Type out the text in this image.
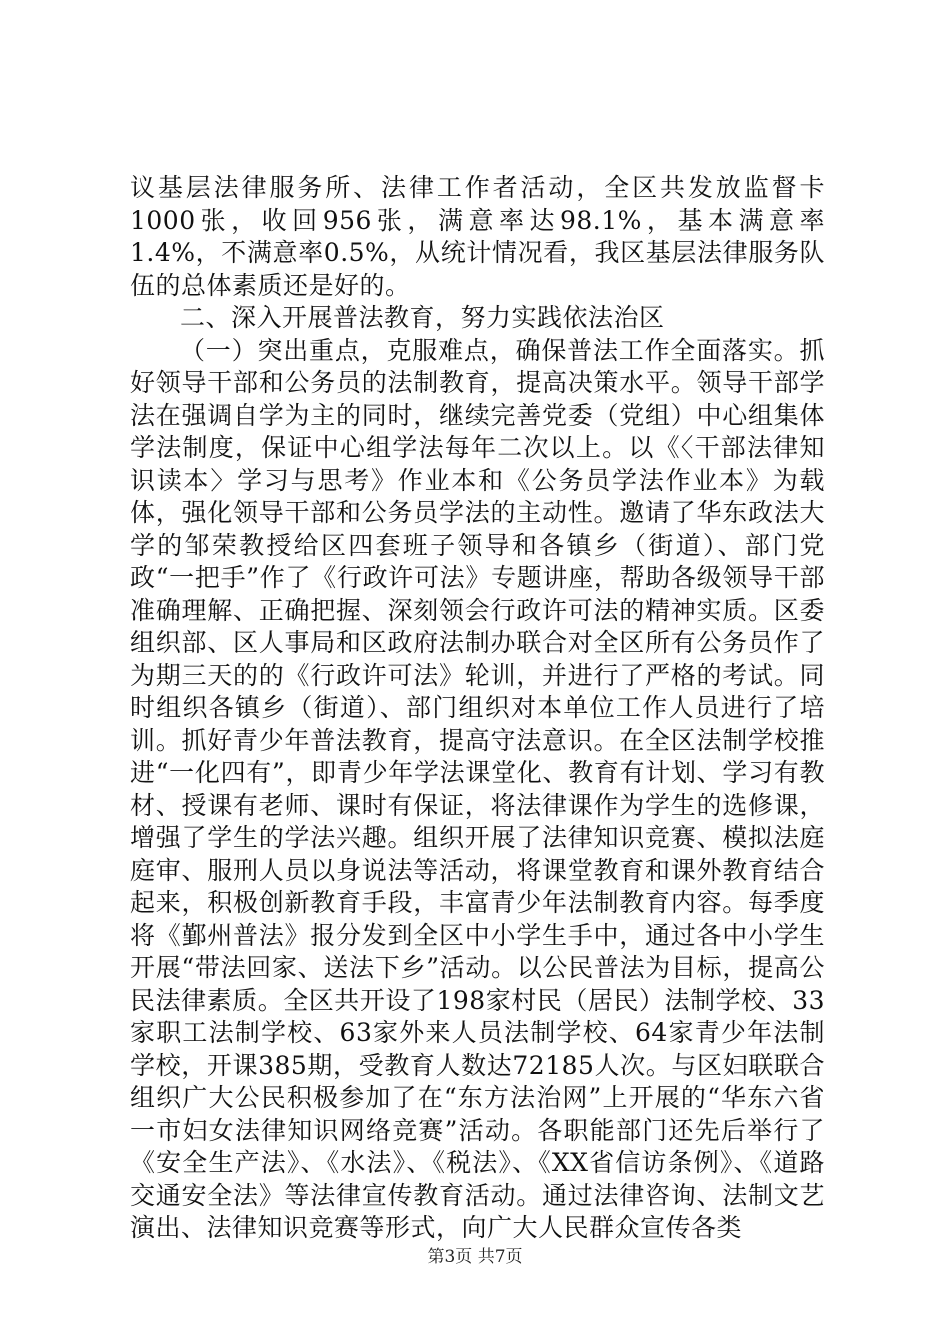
议基层法律服务所、法律工作者活动，全区共发放监督卡1000张，收回956张，满意率达98.1%，基本满意率1.4%，不满意率0.5%，从统计情况看，我区基层法律服务队伍的总体素质还是好的。

二、深入开展普法教育，努力实践依法治区

（一）突出重点，克服难点，确保普法工作全面落实。抓好领导干部和公务员的法制教育，提高决策水平。领导干部学法在强调自学为主的同时，继续完善党委（党组）中心组集体学法制度，保证中心组学法每年二次以上。以《〈干部法律知识读本〉学习与思考》作业本和《公务员学法作业本》为载体，强化领导干部和公务员学法的主动性。邀请了华东政法大学的邹荣教授给区四套班子领导和各镇乡（街道）、部门党政“一把手”作了《行政许可法》专题讲座，帮助各级领导干部准确理解、正确把握、深刻领会行政许可法的精神实质。区委组织部、区人事局和区政府法制办联合对全区所有公务员作了为期三天的的《行政许可法》轮训，并进行了严格的考试。同时组织各镇乡（街道）、部门组织对本单位工作人员进行了培训。抓好青少年普法教育，提高守法意识。在全区法制学校推进“一化四有”，即青少年学法课堂化、教育有计划、学习有教材、授课有老师、课时有保证，将法律课作为学生的选修课，增强了学生的学法兴趣。组织开展了法律知识竞赛、模拟法庭庭审、服刑人员以身说法等活动，将课堂教育和课外教育结合起来，积极创新教育手段，丰富青少年法制教育内容。每季度将《鄞州普法》报分发到全区中小学生手中，通过各中小学生开展“带法回家、送法下乡”活动。以公民普法为目标，提高公民法律素质。全区共开设了198家村民（居民）法制学校、33家职工法制学校、63家外来人员法制学校、64家青少年法制学校，开课385期，受教育人数达72185人次。与区妇联联合组织广大公民积极参加了在“东方法治网”上开展的“华东六省一市妇女法律知识网络竞赛”活动。各职能部门还先后举行了《安全生产法》、《水法》、《税法》、《XX省信访条例》、《道路交通安全法》等法律宣传教育活动。通过法律咨询、法制文艺演出、法律知识竞赛等形式，向广大人民群众宣传各类

第3页 共7页
